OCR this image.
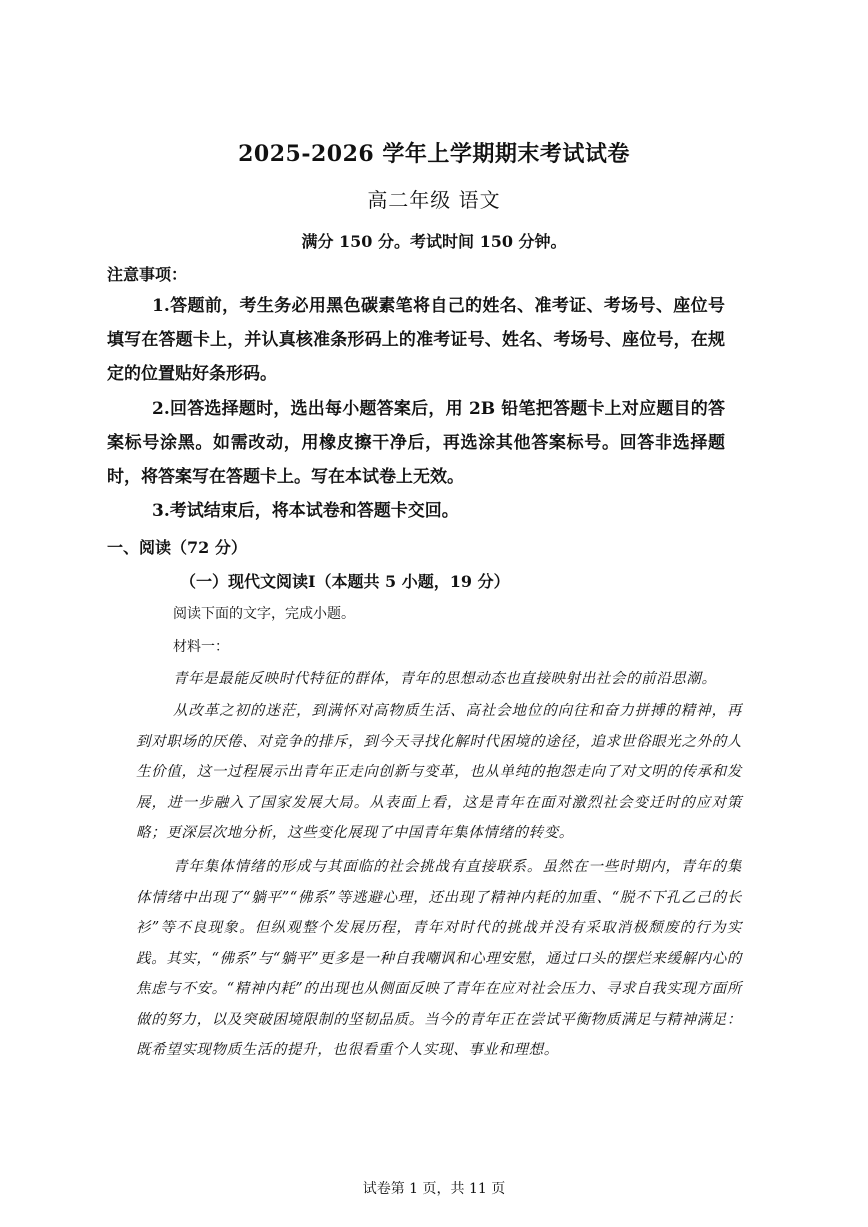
2025-2026 学年上学期期末考试试卷
高二年级 语文
满分 150 分。考试时间 150 分钟。
注意事项：
1.答题前，考生务必用黑色碳素笔将自己的姓名、准考证、考场号、座位号填写在答题卡上，并认真核准条形码上的准考证号、姓名、考场号、座位号，在规定的位置贴好条形码。
2.回答选择题时，选出每小题答案后，用 2B 铅笔把答题卡上对应题目的答案标号涂黑。如需改动，用橡皮擦干净后，再选涂其他答案标号。回答非选择题时，将答案写在答题卡上。写在本试卷上无效。
3.考试结束后，将本试卷和答题卡交回。
一、阅读（72 分）
（一）现代文阅读Ⅰ（本题共 5 小题，19 分）
阅读下面的文字，完成小题。
材料一：
青年是最能反映时代特征的群体，青年的思想动态也直接映射出社会的前沿思潮。
从改革之初的迷茫，到满怀对高物质生活、高社会地位的向往和奋力拼搏的精神，再到对职场的厌倦、对竞争的排斥，到今天寻找化解时代困境的途径，追求世俗眼光之外的人生价值，这一过程展示出青年正走向创新与变革，也从单纯的抱怨走向了对文明的传承和发展，进一步融入了国家发展大局。从表面上看，这是青年在面对激烈社会变迁时的应对策略；更深层次地分析，这些变化展现了中国青年集体情绪的转变。
青年集体情绪的形成与其面临的社会挑战有直接联系。虽然在一些时期内，青年的集体情绪中出现了“躺平”“佛系”等逃避心理，还出现了精神内耗的加重、“脱不下孔乙己的长衫”等不良现象。但纵观整个发展历程，青年对时代的挑战并没有采取消极颓废的行为实践。其实，“佛系”与“躺平”更多是一种自我嘲讽和心理安慰，通过口头的摆烂来缓解内心的焦虑与不安。“精神内耗”的出现也从侧面反映了青年在应对社会压力、寻求自我实现方面所做的努力，以及突破困境限制的坚韧品质。当今的青年正在尝试平衡物质满足与精神满足：既希望实现物质生活的提升，也很看重个人实现、事业和理想。
试卷第 1 页，共 11 页
